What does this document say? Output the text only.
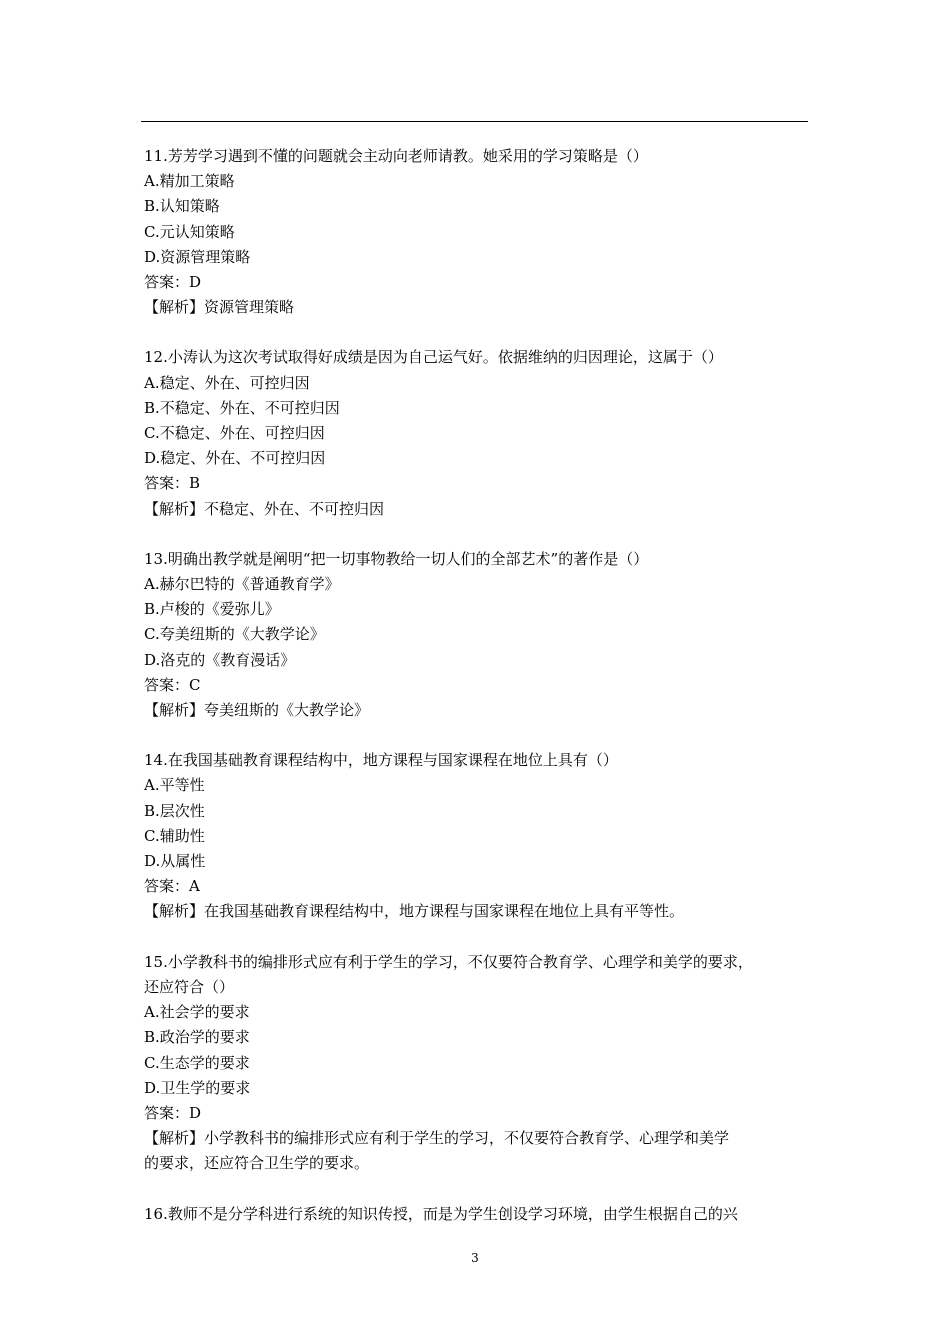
11.芳芳学习遇到不懂的问题就会主动向老师请教。她采用的学习策略是（）
A.精加工策略
B.认知策略
C.元认知策略
D.资源管理策略
答案：D
【解析】资源管理策略
12.小涛认为这次考试取得好成绩是因为自己运气好。依据维纳的归因理论，这属于（）
A.稳定、外在、可控归因
B.不稳定、外在、不可控归因
C.不稳定、外在、可控归因
D.稳定、外在、不可控归因
答案：B
【解析】不稳定、外在、不可控归因
13.明确出教学就是阐明“把一切事物教给一切人们的全部艺术”的著作是（）
A.赫尔巴特的《普通教育学》
B.卢梭的《爱弥儿》
C.夸美纽斯的《大教学论》
D.洛克的《教育漫话》
答案：C
【解析】夸美纽斯的《大教学论》
14.在我国基础教育课程结构中，地方课程与国家课程在地位上具有（）
A.平等性
B.层次性
C.辅助性
D.从属性
答案：A
【解析】在我国基础教育课程结构中，地方课程与国家课程在地位上具有平等性。
15.小学教科书的编排形式应有利于学生的学习，不仅要符合教育学、心理学和美学的要求，
还应符合（）
A.社会学的要求
B.政治学的要求
C.生态学的要求
D.卫生学的要求
答案：D
【解析】小学教科书的编排形式应有利于学生的学习，不仅要符合教育学、心理学和美学
的要求，还应符合卫生学的要求。
16.教师不是分学科进行系统的知识传授，而是为学生创设学习环境，由学生根据自己的兴
3
